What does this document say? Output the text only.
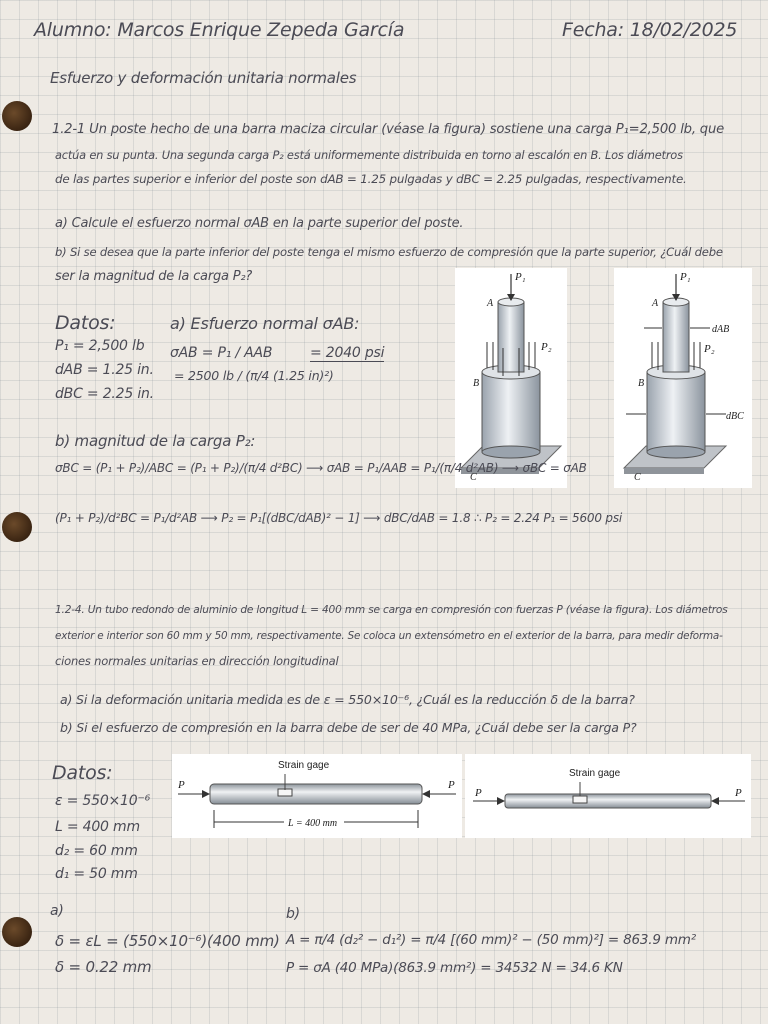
Alumno: Marcos Enrique Zepeda García	Fecha: 18/02/2025
Esfuerzo y deformación unitaria normales
1.2-1 Un poste hecho de una barra maciza circular (véase la figura) sostiene una carga P₁=2,500 lb, que
actúa en su punta. Una segunda carga P₂ está uniformemente distribuida en torno al escalón en B. Los diámetros
de las partes superior e inferior del poste son dAB = 1.25 pulgadas y dBC = 2.25 pulgadas, respectivamente.
a) Calcule el esfuerzo normal σAB en la parte superior del poste.
b) Si se desea que la parte inferior del poste tenga el mismo esfuerzo de compresión que la parte superior, ¿Cuál debe
ser la magnitud de la carga P₂?
Datos:
P₁ = 2,500 lb
dAB = 1.25 in.
dBC = 2.25 in.
a) Esfuerzo normal σAB:
σAB = P₁ / AAB
= 2500 lb / (π/4 (1.25 in)²)
= 2040 psi
P₁
P₂
A
B
C
P₁
P₂
A
B
C
dAB
dBC
b) magnitud de la carga P₂:
σBC = (P₁ + P₂)/ABC = (P₁ + P₂)/(π/4 d²BC) ⟶ σAB = P₁/AAB = P₁/(π/4 d²AB) ⟶ σBC = σAB
(P₁ + P₂)/d²BC = P₁/d²AB ⟶ P₂ = P₁[(dBC/dAB)² − 1] ⟶ dBC/dAB = 1.8 ∴ P₂ = 2.24 P₁ = 5600 psi
1.2-4. Un tubo redondo de aluminio de longitud L = 400 mm se carga en compresión con fuerzas P (véase la figura). Los diámetros
exterior e interior son 60 mm y 50 mm, respectivamente. Se coloca un extensómetro en el exterior de la barra, para medir deforma-
ciones normales unitarias en dirección longitudinal
a) Si la deformación unitaria medida es de ε = 550×10⁻⁶, ¿Cuál es la reducción δ de la barra?
b) Si el esfuerzo de compresión en la barra debe de ser de 40 MPa, ¿Cuál debe ser la carga P?
Datos:
ε = 550×10⁻⁶
L = 400 mm
d₂ = 60 mm
d₁ = 50 mm
Strain gage
P	P
L = 400 mm
Strain gage
P	P
a)
δ = εL = (550×10⁻⁶)(400 mm)
δ = 0.22 mm
b)
A = π/4 (d₂² − d₁²) = π/4 [(60 mm)² − (50 mm)²] = 863.9 mm²
P = σA (40 MPa)(863.9 mm²) = 34532 N = 34.6 KN
